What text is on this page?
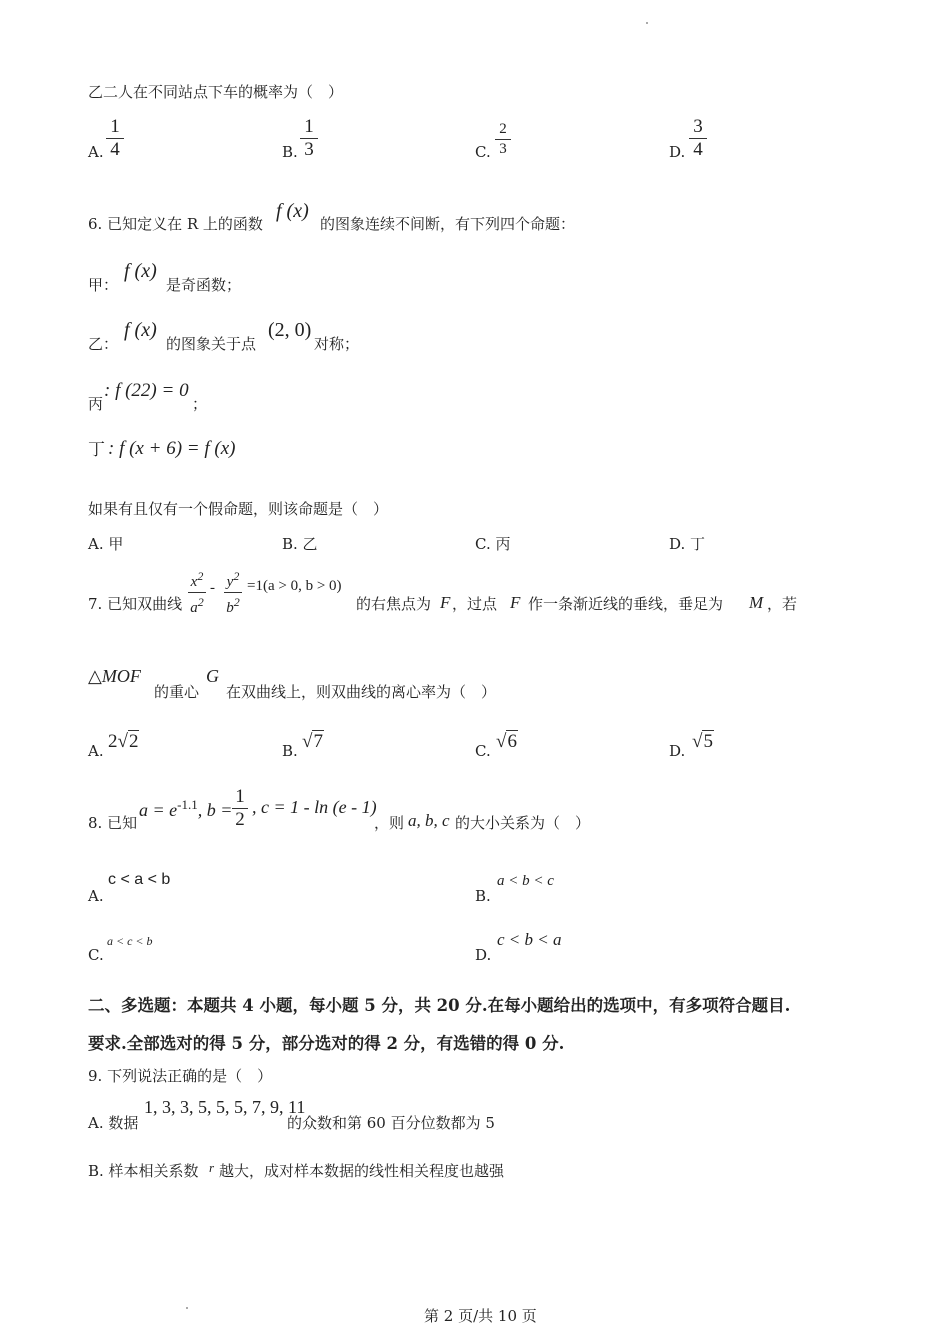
乙二人在不同站点下车的概率为（　）
A.
1
4	B.
1
3	C.
2
3	D.
3
4
6. 已知定义在 R 上的函数
f (x)
的图象连续不间断，有下列四个命题：
甲：
f (x)
是奇函数；
乙：
f (x)
的图象关于点
(2, 0)
对称；
丙
: f (22) = 0
；
丁 : f (x + 6) = f (x)
如果有且仅有一个假命题，则该命题是（　）
A. 甲	B. 乙	C. 丙	D. 丁
7. 已知双曲线
$x^2$
$a^2$
- $y^2$
$b^2$
=1(a > 0, b > 0)
的右焦点为 F ，过点 F 作一条渐近线的垂线，垂足为 M ，若
△MOF
的重心
G
在双曲线上，则双曲线的离心率为（　）
A. 2√2	B. √7	C. √6	D. √5
8. 已知
$a = e^{-1.1}$, b =
1
2
, c = 1 - ln (e - 1)
，则 a, b, c 的大小关系为（　）
A.
c < a < b
B.
a < b < c
C.
a < c < b
D.
c < b < a
二、多选题：本题共 4 小题，每小题 5 分，共 20 分.在每小题给出的选项中，有多项符合题目.
要求.全部选对的得 5 分，部分选对的得 2 分，有选错的得 0 分.
9. 下列说法正确的是（　）
A. 数据
1, 3, 3, 5, 5, 5, 7, 9, 11
的众数和第 60 百分位数都为 5
B. 样本相关系数 r 越大，成对样本数据的线性相关程度也越强
第 2 页/共 10 页
